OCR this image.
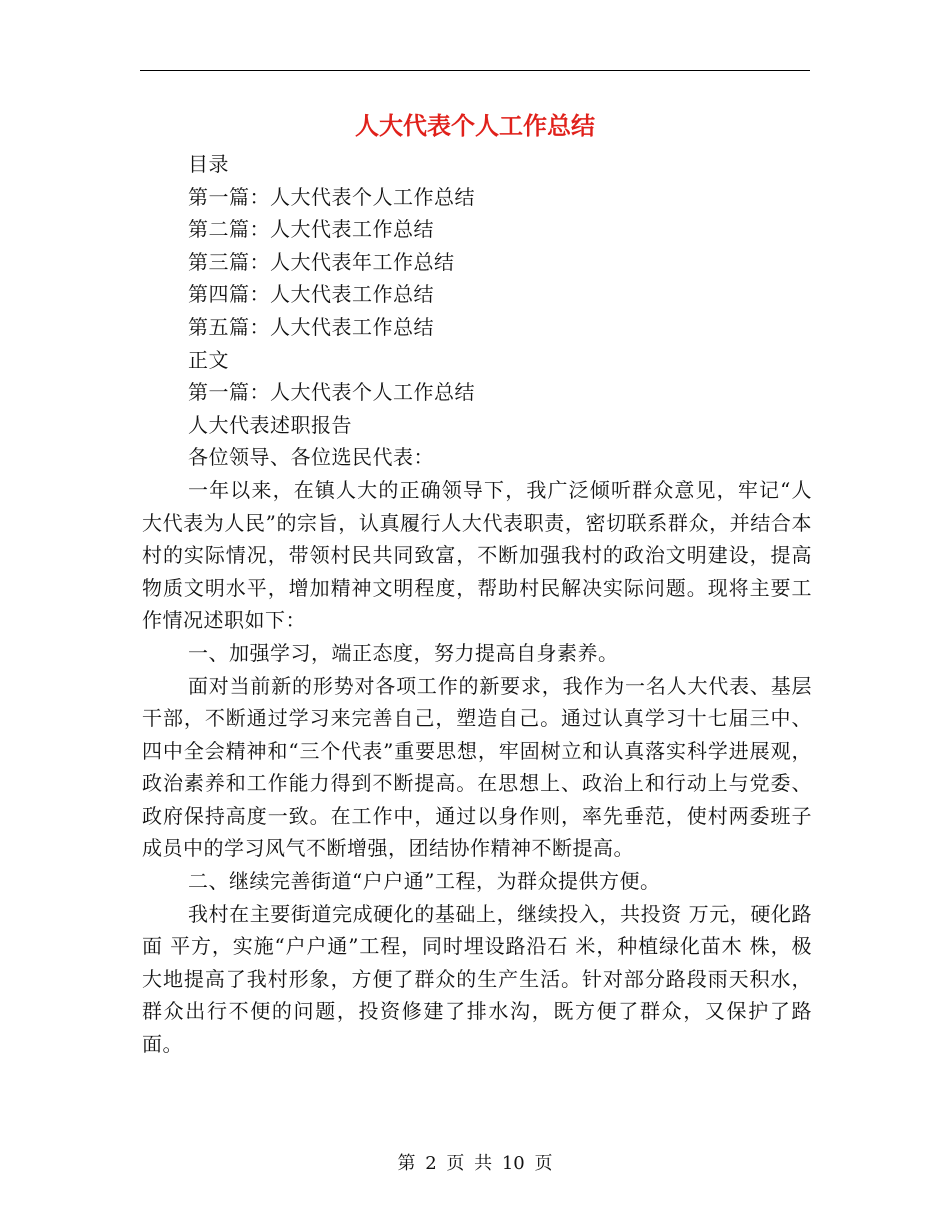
人大代表个人工作总结

目录

第一篇：人大代表个人工作总结

第二篇：人大代表工作总结

第三篇：人大代表年工作总结

第四篇：人大代表工作总结

第五篇：人大代表工作总结

正文

第一篇：人大代表个人工作总结

人大代表述职报告

各位领导、各位选民代表：

一年以来，在镇人大的正确领导下，我广泛倾听群众意见，牢记“人大代表为人民”的宗旨，认真履行人大代表职责，密切联系群众，并结合本村的实际情况，带领村民共同致富，不断加强我村的政治文明建设，提高物质文明水平，增加精神文明程度，帮助村民解决实际问题。现将主要工作情况述职如下：

一、加强学习，端正态度，努力提高自身素养。

面对当前新的形势对各项工作的新要求，我作为一名人大代表、基层干部，不断通过学习来完善自己，塑造自己。通过认真学习十七届三中、四中全会精神和“三个代表”重要思想，牢固树立和认真落实科学进展观，政治素养和工作能力得到不断提高。在思想上、政治上和行动上与党委、政府保持高度一致。在工作中，通过以身作则，率先垂范，使村两委班子成员中的学习风气不断增强，团结协作精神不断提高。

二、继续完善街道“户户通”工程，为群众提供方便。

我村在主要街道完成硬化的基础上，继续投入，共投资 万元，硬化路面 平方，实施“户户通”工程，同时埋设路沿石 米，种植绿化苗木 株，极大地提高了我村形象，方便了群众的生产生活。针对部分路段雨天积水，群众出行不便的问题，投资修建了排水沟，既方便了群众，又保护了路面。

第 2 页 共 10 页
